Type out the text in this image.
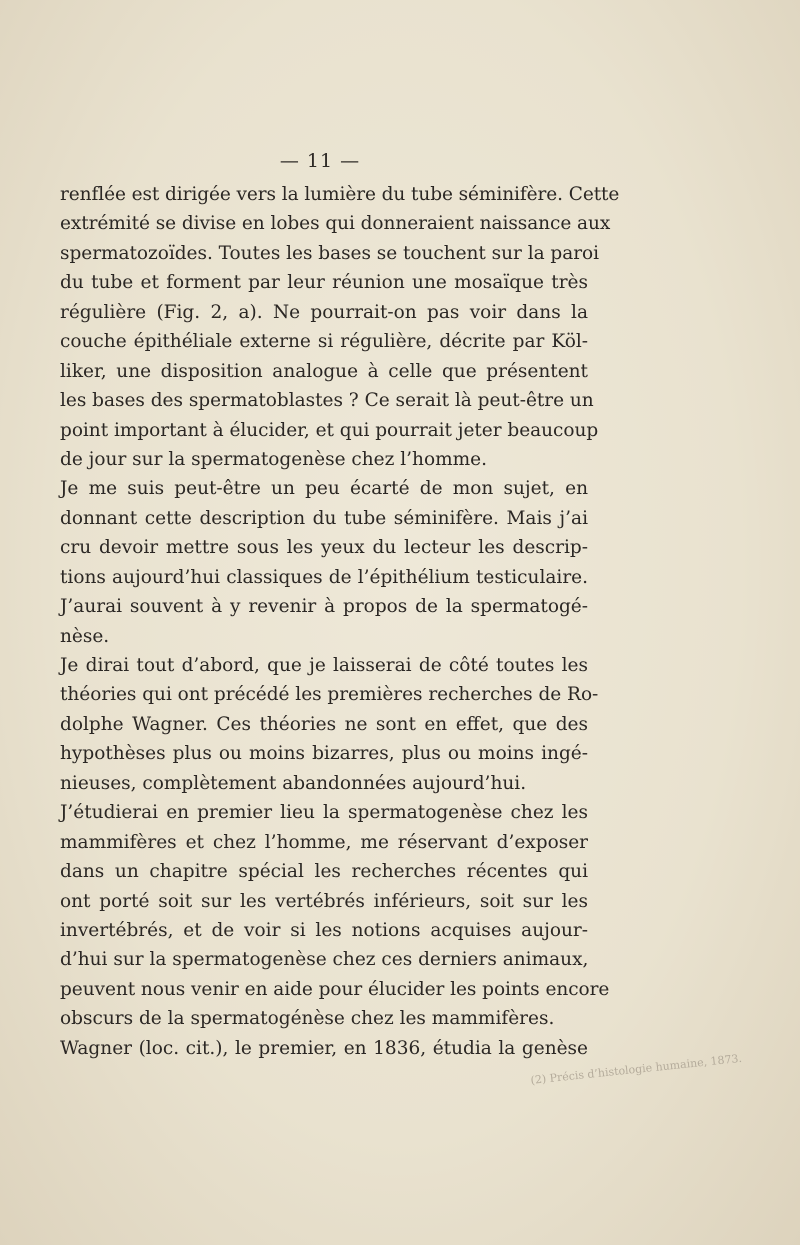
— 11 —
renflée est dirigée vers la lumière du tube séminifère. Cette
extrémité se divise en lobes qui donneraient naissance aux
spermatozoïdes. Toutes les bases se touchent sur la paroi
du tube et forment par leur réunion une mosaïque très
régulière (Fig. 2, a). Ne pourrait-on pas voir dans la
couche épithéliale externe si régulière, décrite par Köl-
liker, une disposition analogue à celle que présentent
les bases des spermatoblastes ? Ce serait là peut-être un
point important à élucider, et qui pourrait jeter beaucoup
de jour sur la spermatogenèse chez l’homme.
Je me suis peut-être un peu écarté de mon sujet, en
donnant cette description du tube séminifère. Mais j’ai
cru devoir mettre sous les yeux du lecteur les descrip-
tions aujourd’hui classiques de l’épithélium testiculaire.
J’aurai souvent à y revenir à propos de la spermatogé-
nèse.
Je dirai tout d’abord, que je laisserai de côté toutes les
théories qui ont précédé les premières recherches de Ro-
dolphe Wagner. Ces théories ne sont en effet, que des
hypothèses plus ou moins bizarres, plus ou moins ingé-
nieuses, complètement abandonnées aujourd’hui.
J’étudierai en premier lieu la spermatogenèse chez les
mammifères et chez l’homme, me réservant d’exposer
dans un chapitre spécial les recherches récentes qui
ont porté soit sur les vertébrés inférieurs, soit sur les
invertébrés, et de voir si les notions acquises aujour-
d’hui sur la spermatogenèse chez ces derniers animaux,
peuvent nous venir en aide pour élucider les points encore
obscurs de la spermatogénèse chez les mammifères.
Wagner (loc. cit.), le premier, en 1836, étudia la genèse
(2) Précis d’histologie humaine, 1873.
